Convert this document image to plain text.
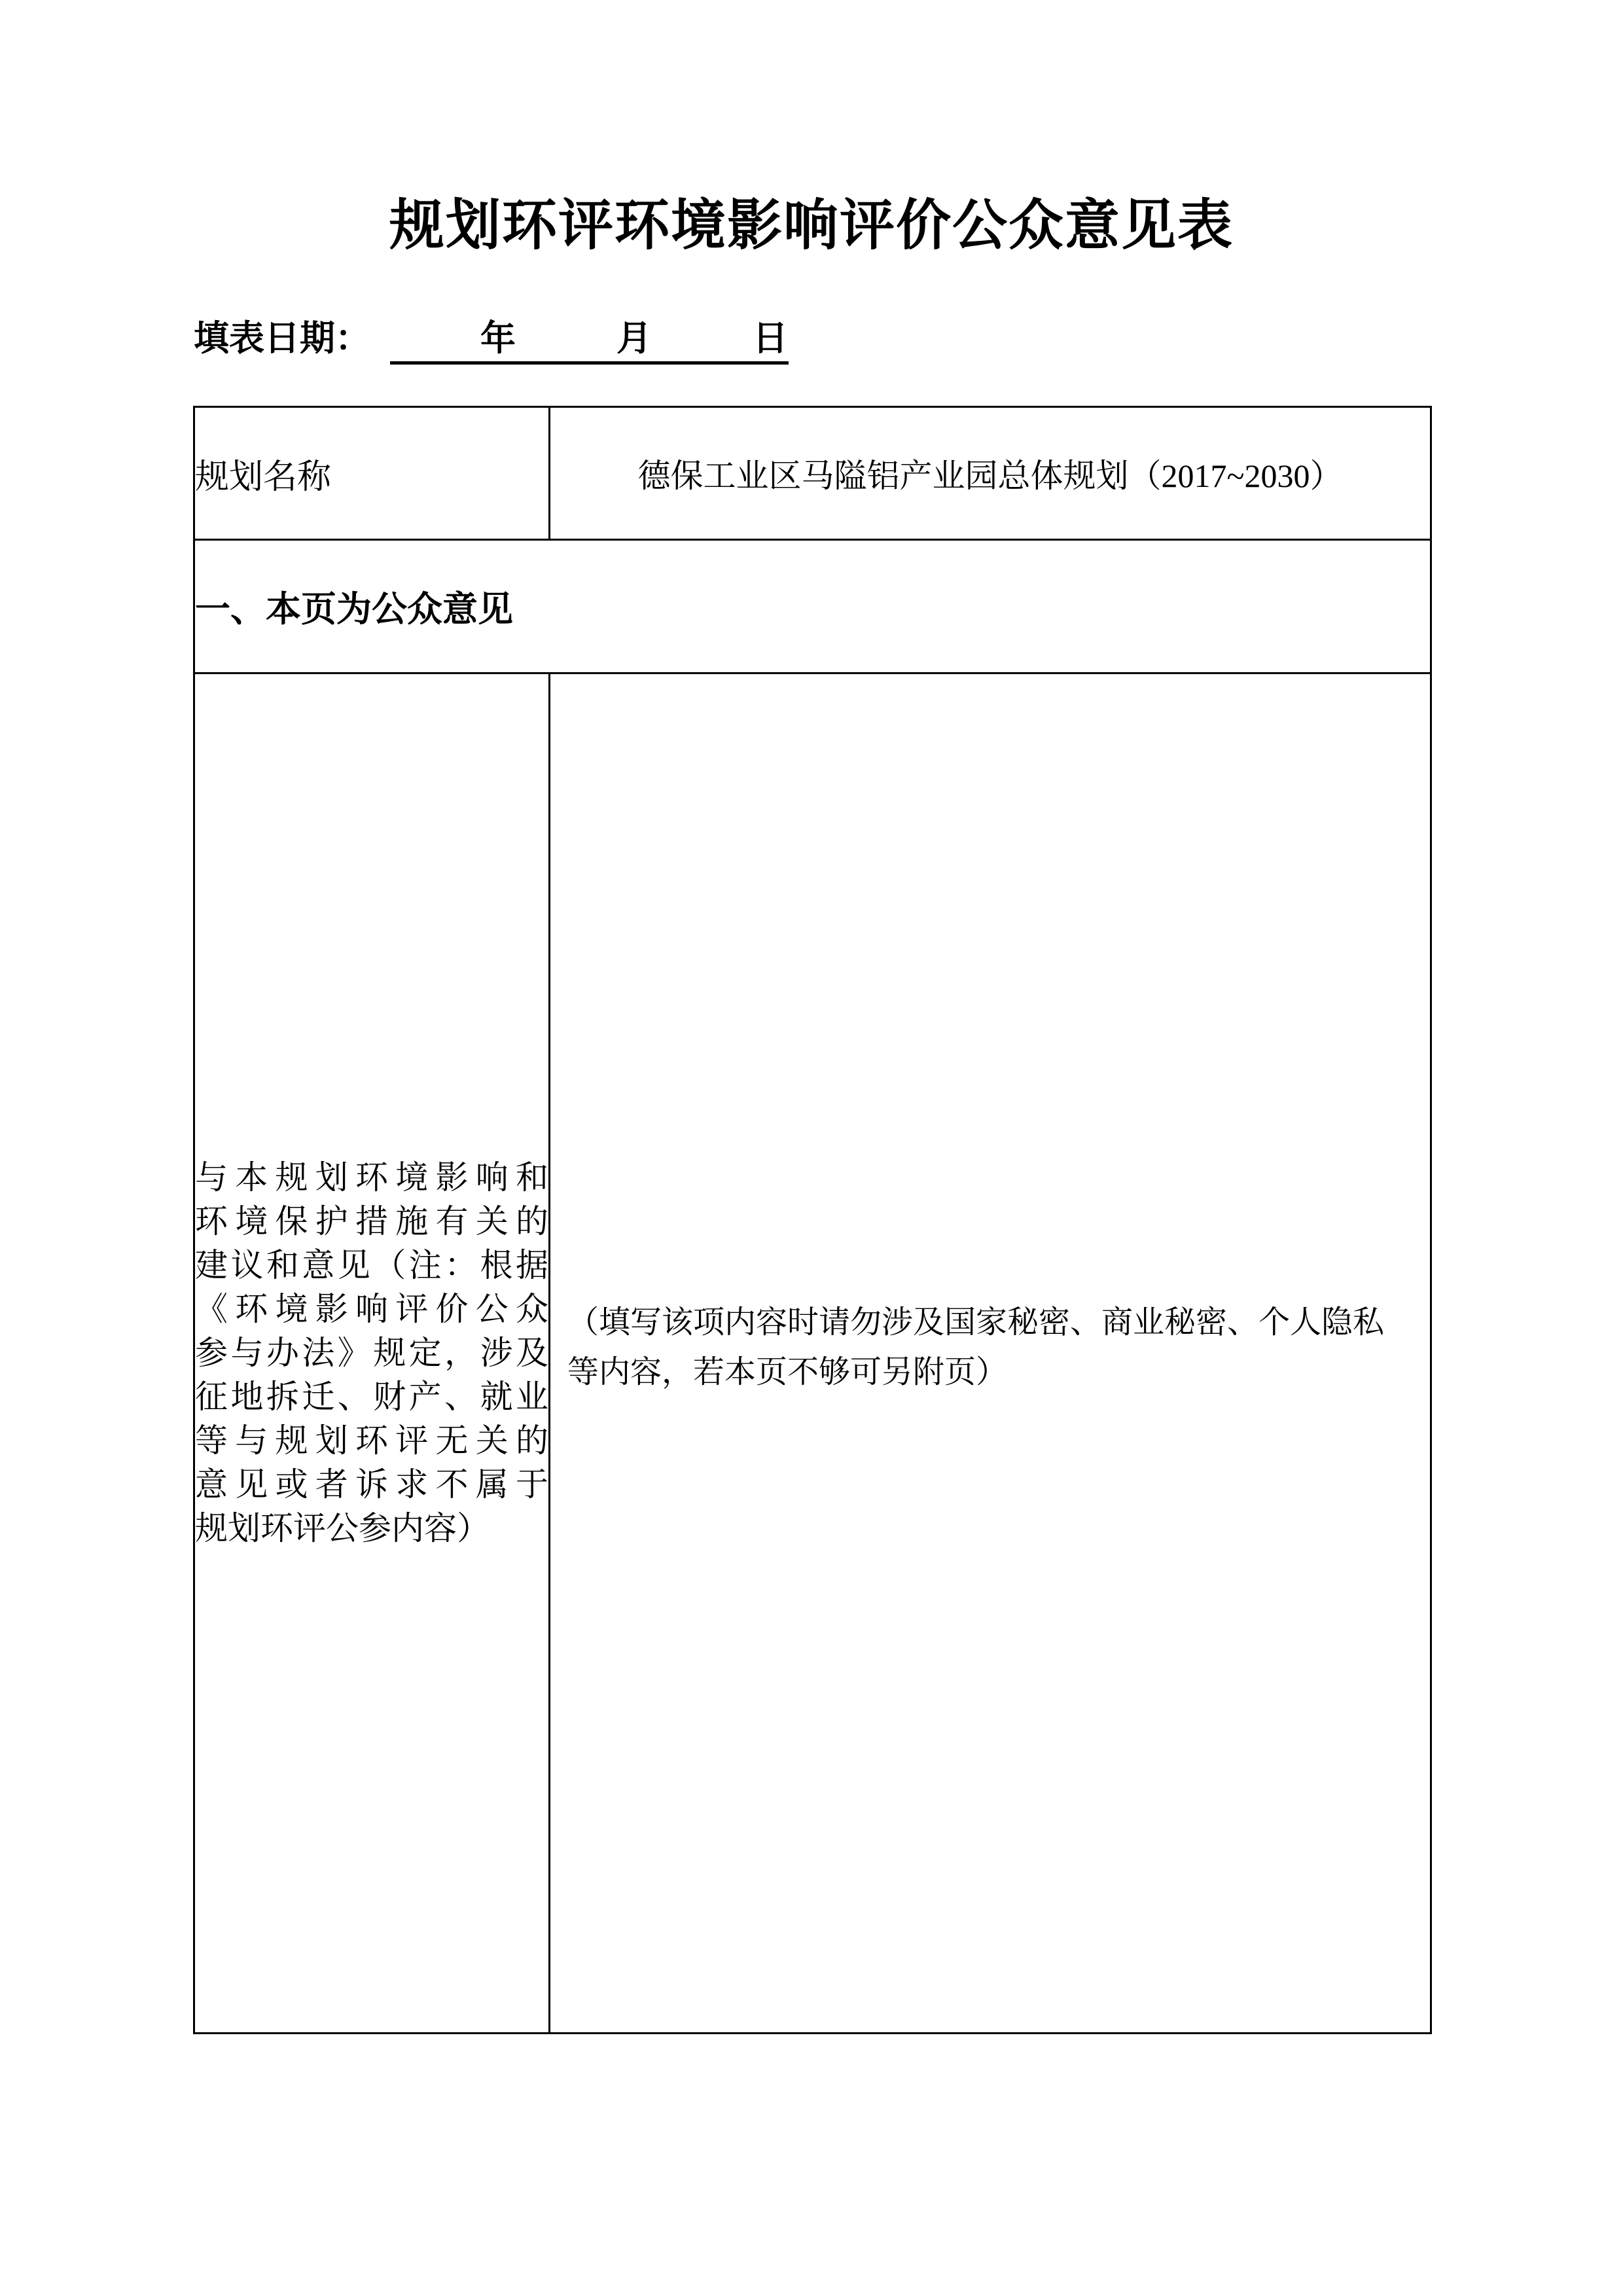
规划环评环境影响评价公众意见表
填表日期：	年	月	日
规划名称	德保工业区马隘铝产业园总体规划（2017~2030）
一、本页为公众意见	

与本规划环境影响和
环境保护措施有关的
建议和意见（注：根据
《环境影响评价公众
参与办法》规定，涉及
征地拆迁、财产、就业
等与规划环评无关的
意见或者诉求不属于
规划环评公参内容）

（填写该项内容时请勿涉及国家秘密、商业秘密、个人隐私
等内容，若本页不够可另附页）
